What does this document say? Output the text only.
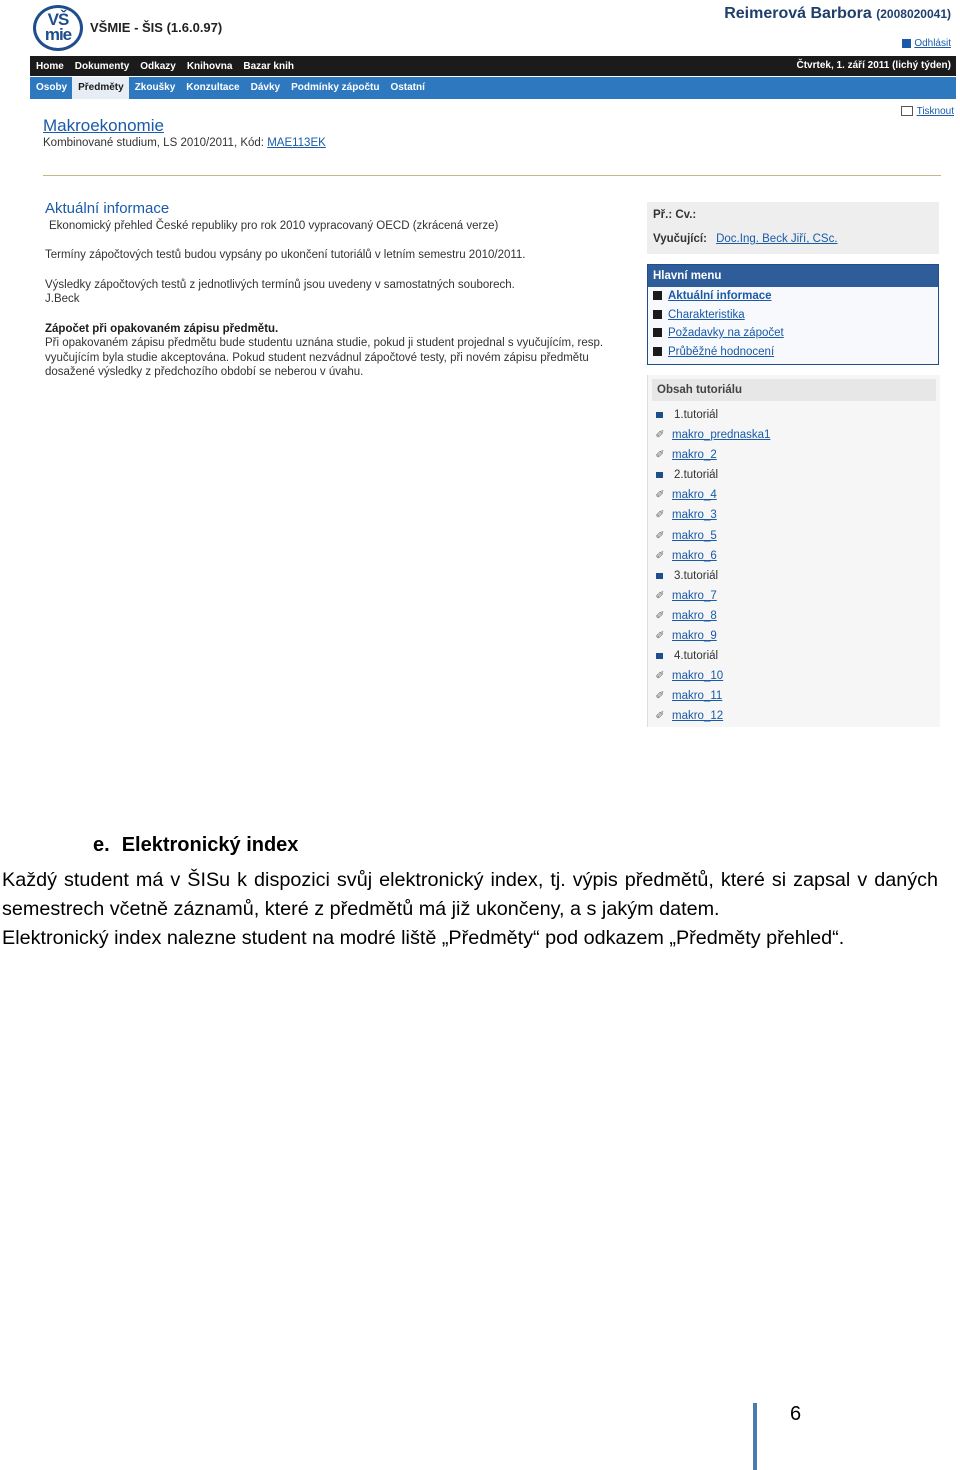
VŠ mie	VŠMIE - ŠIS (1.6.0.97)
Reimerová Barbora (2008020041)
Odhlásit
Home Dokumenty Odkazy Knihovna Bazar knih	Čtvrtek, 1. září 2011 (lichý týden)
Osoby Předměty Zkoušky Konzultace Dávky Podmínky zápočtu Ostatní
Tisknout
Makroekonomie
Kombinované studium, LS 2010/2011, Kód: MAE113EK
Aktuální informace

Ekonomický přehled České republiky pro rok 2010 vypracovaný OECD (zkrácená verze)

Termíny zápočtových testů budou vypsány po ukončení tutoriálů v letním semestru 2010/2011.

Výsledky zápočtových testů z jednotlivých termínů jsou uvedeny v samostatných souborech.
J.Beck

Zápočet při opakovaném zápisu předmětu.
Při opakovaném zápisu předmětu bude studentu uznána studie, pokud ji student projednal s vyučujícím, resp. vyučujícím byla studie akceptována. Pokud student nezvádnul zápočtové testy, při novém zápisu předmětu dosažené výsledky z předchozího období se neberou v úvahu.

Př.: Cv.:
Vyučující: Doc.Ing. Beck Jiří, CSc.
Hlavní menu
Aktuální informace
Charakteristika
Požadavky na zápočet
Průběžné hodnocení
Obsah tutoriálu
1.tutoriál
✐ makro_prednaska1
✐ makro_2
2.tutoriál
✐ makro_4
✐ makro_3
✐ makro_5
✐ makro_6
3.tutoriál
✐ makro_7
✐ makro_8
✐ makro_9
4.tutoriál
✐ makro_10
✐ makro_11
✐ makro_12
e. Elektronický index

Každý student má v ŠISu k dispozici svůj elektronický index, tj. výpis předmětů, které si zapsal v daných semestrech včetně záznamů, které z předmětů má již ukončeny, a s jakým datem.

Elektronický index nalezne student na modré liště „Předměty“ pod odkazem „Předměty přehled“.

6
